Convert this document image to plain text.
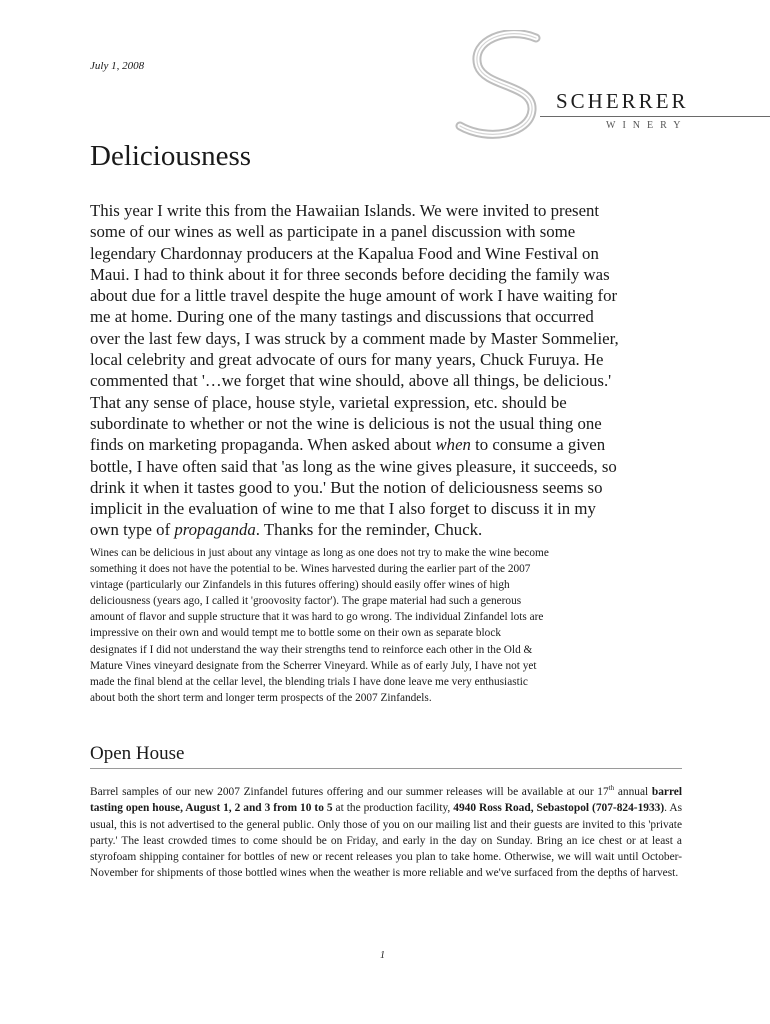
July 1, 2008
SCHERRER
WINERY
Deliciousness

This year I write this from the Hawaiian Islands. We were invited to present
some of our wines as well as participate in a panel discussion with some
legendary Chardonnay producers at the Kapalua Food and Wine Festival on
Maui. I had to think about it for three seconds before deciding the family was
about due for a little travel despite the huge amount of work I have waiting for
me at home. During one of the many tastings and discussions that occurred
over the last few days, I was struck by a comment made by Master Sommelier,
local celebrity and great advocate of ours for many years, Chuck Furuya. He
commented that '…we forget that wine should, above all things, be delicious.'
That any sense of place, house style, varietal expression, etc. should be
subordinate to whether or not the wine is delicious is not the usual thing one
finds on marketing propaganda. When asked about when to consume a given
bottle, I have often said that 'as long as the wine gives pleasure, it succeeds, so
drink it when it tastes good to you.' But the notion of deliciousness seems so
implicit in the evaluation of wine to me that I also forget to discuss it in my
own type of propaganda. Thanks for the reminder, Chuck.

Wines can be delicious in just about any vintage as long as one does not try to make the wine become
something it does not have the potential to be. Wines harvested during the earlier part of the 2007
vintage (particularly our Zinfandels in this futures offering) should easily offer wines of high
deliciousness (years ago, I called it 'groovosity factor'). The grape material had such a generous
amount of flavor and supple structure that it was hard to go wrong. The individual Zinfandel lots are
impressive on their own and would tempt me to bottle some on their own as separate block
designates if I did not understand the way their strengths tend to reinforce each other in the Old &
Mature Vines vineyard designate from the Scherrer Vineyard. While as of early July, I have not yet
made the final blend at the cellar level, the blending trials I have done leave me very enthusiastic
about both the short term and longer term prospects of the 2007 Zinfandels.

Open House

Barrel samples of our new 2007 Zinfandel futures offering and our summer releases will be available at our 17th annual barrel tasting open house, August 1, 2 and 3 from 10 to 5 at the production facility, 4940 Ross Road, Sebastopol (707-824-1933). As usual, this is not advertised to the general public. Only those of you on our mailing list and their guests are invited to this 'private party.' The least crowded times to come should be on Friday, and early in the day on Sunday. Bring an ice chest or at least a styrofoam shipping container for bottles of new or recent releases you plan to take home. Otherwise, we will wait until October-November for shipments of those bottled wines when the weather is more reliable and we've surfaced from the depths of harvest.

1
